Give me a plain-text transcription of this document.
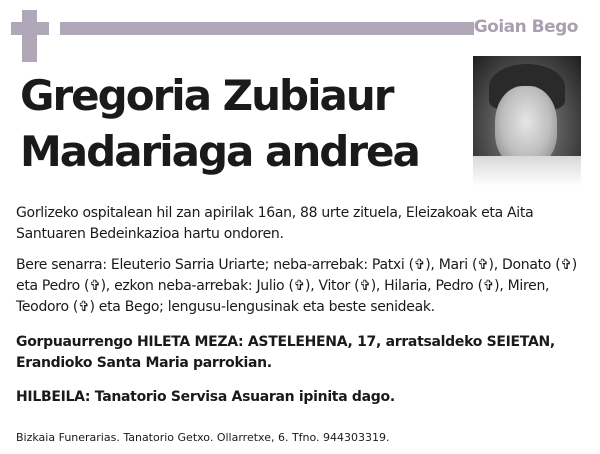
Goian Bego
Gregoria Zubiaur
Madariaga andrea

Gorlizeko ospitalean hil zan apirilak 16an, 88 urte zituela, Eleizakoak eta Aita Santuaren Bedeinkazioa hartu ondoren.

Bere senarra: Eleuterio Sarria Uriarte; neba-arrebak: Patxi (✞), Mari (✞), Donato (✞) eta Pedro (✞), ezkon neba-arrebak: Julio (✞), Vitor (✞), Hilaria, Pedro (✞), Miren, Teodoro (✞) eta Bego; lengusu-lengusinak eta beste senideak.

Gorpuaurrengo HILETA MEZA: ASTELEHENA, 17, arratsaldeko SEIETAN, Erandioko Santa Maria parrokian.

HILBEILA: Tanatorio Servisa Asuaran ipinita dago.

Bizkaia Funerarias. Tanatorio Getxo. Ollarretxe, 6. Tfno. 944303319.
